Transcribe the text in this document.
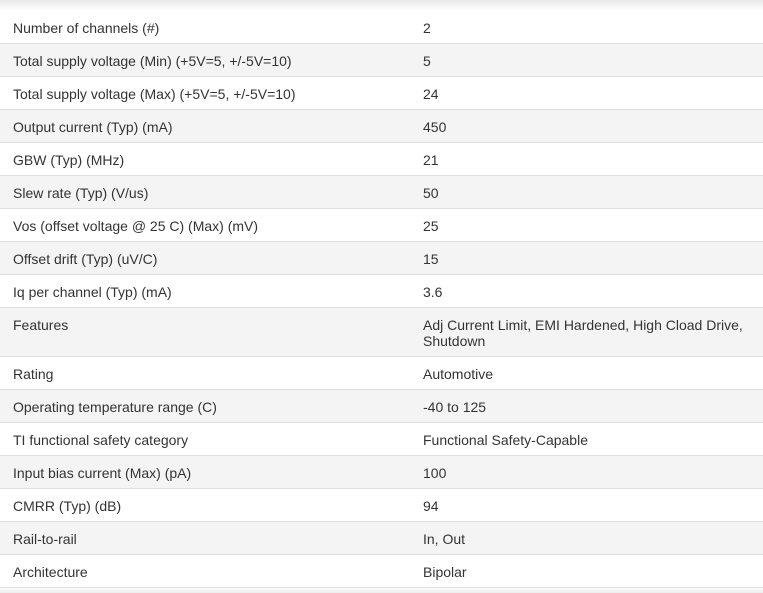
Number of channels (#)	2
Total supply voltage (Min) (+5V=5, +/-5V=10)	5
Total supply voltage (Max) (+5V=5, +/-5V=10)	24
Output current (Typ) (mA)	450
GBW (Typ) (MHz)	21
Slew rate (Typ) (V/us)	50
Vos (offset voltage @ 25 C) (Max) (mV)	25
Offset drift (Typ) (uV/C)	15
Iq per channel (Typ) (mA)	3.6
Features	Adj Current Limit, EMI Hardened, High Cload Drive, Shutdown
Rating	Automotive
Operating temperature range (C)	-40 to 125
TI functional safety category	Functional Safety-Capable
Input bias current (Max) (pA)	100
CMRR (Typ) (dB)	94
Rail-to-rail	In, Out
Architecture	Bipolar
